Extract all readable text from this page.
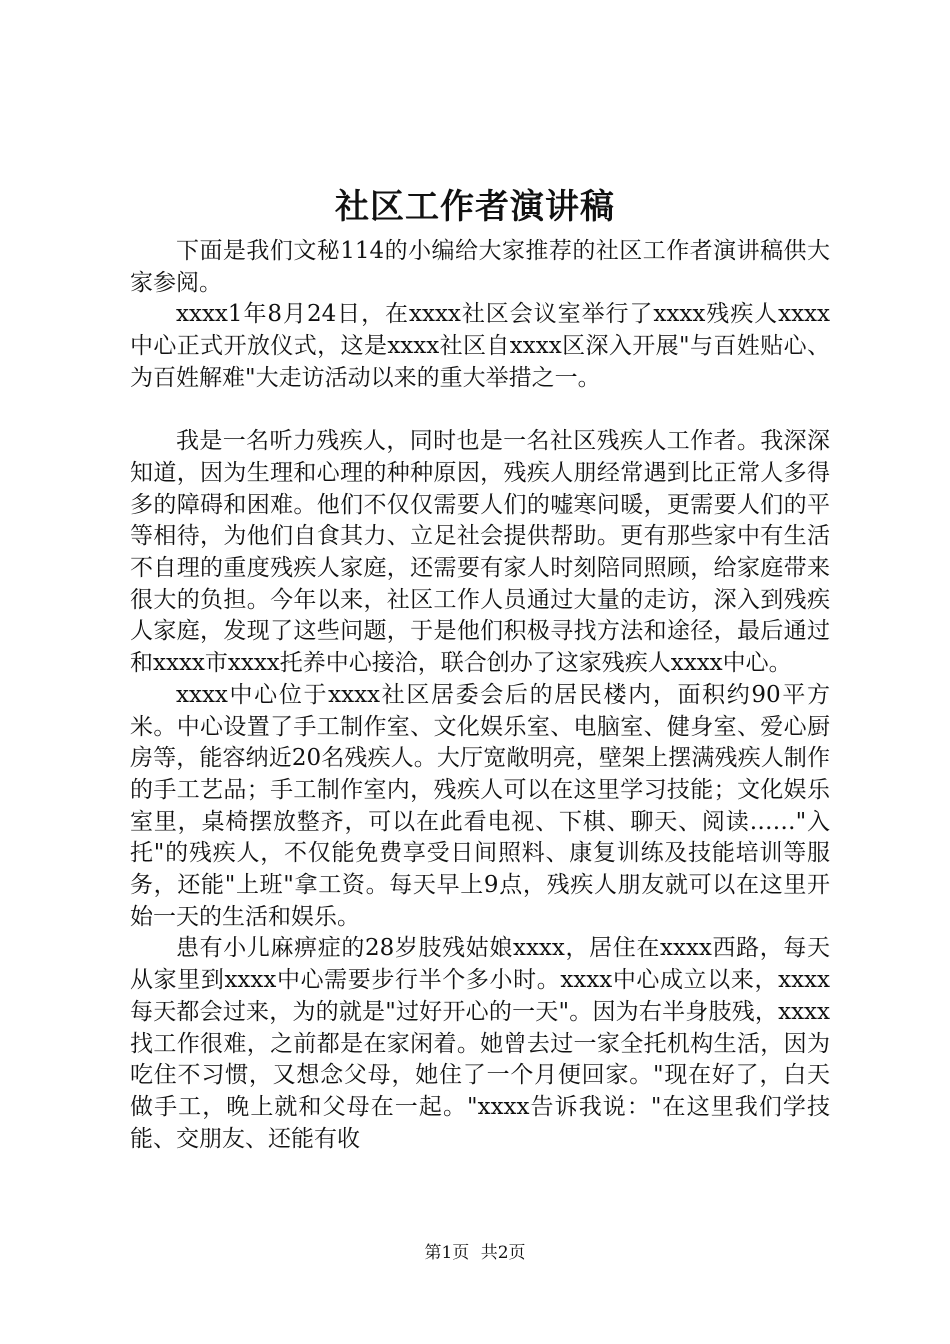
社区工作者演讲稿

下面是我们文秘114的小编给大家推荐的社区工作者演讲稿供大家参阅。

xxxx1年8月24日，在xxxx社区会议室举行了xxxx残疾人xxxx中心正式开放仪式，这是xxxx社区自xxxx区深入开展"与百姓贴心、为百姓解难"大走访活动以来的重大举措之一。

我是一名听力残疾人，同时也是一名社区残疾人工作者。我深深知道，因为生理和心理的种种原因，残疾人朋经常遇到比正常人多得多的障碍和困难。他们不仅仅需要人们的嘘寒问暖，更需要人们的平等相待，为他们自食其力、立足社会提供帮助。更有那些家中有生活不自理的重度残疾人家庭，还需要有家人时刻陪同照顾，给家庭带来很大的负担。今年以来，社区工作人员通过大量的走访，深入到残疾人家庭，发现了这些问题，于是他们积极寻找方法和途径，最后通过和xxxx市xxxx托养中心接洽，联合创办了这家残疾人xxxx中心。

xxxx中心位于xxxx社区居委会后的居民楼内，面积约90平方米。中心设置了手工制作室、文化娱乐室、电脑室、健身室、爱心厨房等，能容纳近20名残疾人。大厅宽敞明亮，壁架上摆满残疾人制作的手工艺品；手工制作室内，残疾人可以在这里学习技能；文化娱乐室里，桌椅摆放整齐，可以在此看电视、下棋、聊天、阅读……"入托"的残疾人，不仅能免费享受日间照料、康复训练及技能培训等服务，还能"上班"拿工资。每天早上9点，残疾人朋友就可以在这里开始一天的生活和娱乐。

患有小儿麻痹症的28岁肢残姑娘xxxx，居住在xxxx西路，每天从家里到xxxx中心需要步行半个多小时。xxxx中心成立以来，xxxx每天都会过来，为的就是"过好开心的一天"。因为右半身肢残，xxxx找工作很难，之前都是在家闲着。她曾去过一家全托机构生活，因为吃住不习惯，又想念父母，她住了一个月便回家。"现在好了，白天做手工，晚上就和父母在一起。"xxxx告诉我说："在这里我们学技能、交朋友、还能有收

第1页 共2页
